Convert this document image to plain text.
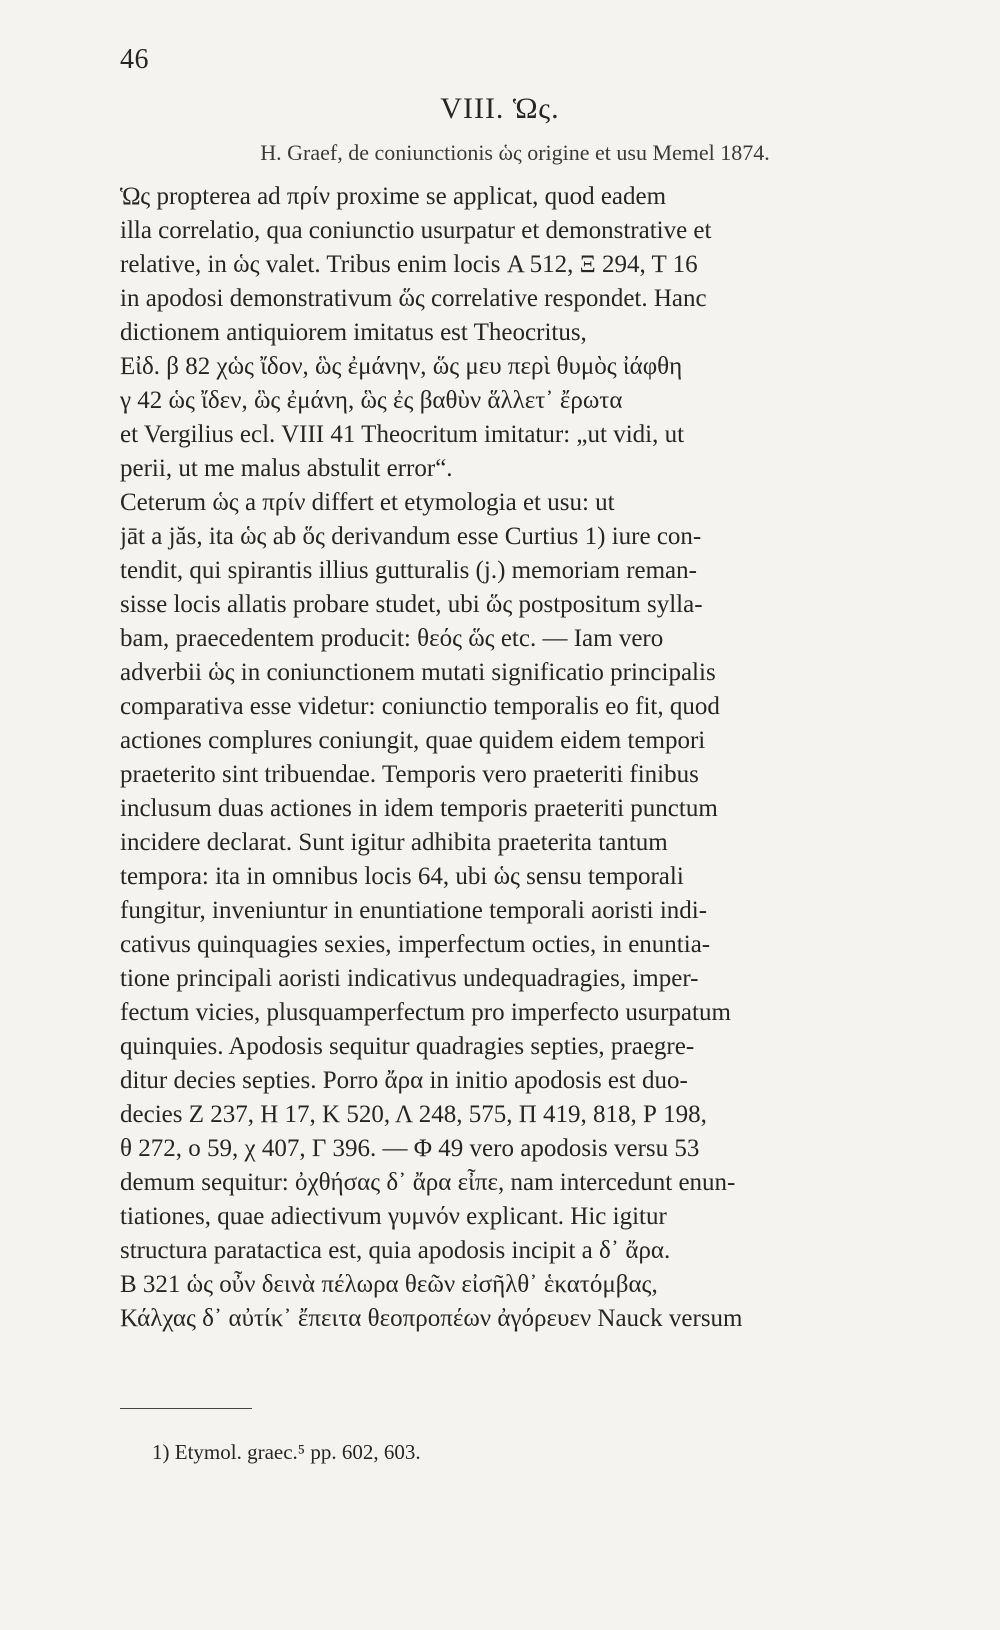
46
VIII. Ὡς.
H. Graef, de coniunctionis ὡς origine et usu Memel 1874.
Ὡς propterea ad πρίν proxime se applicat, quod eadem
illa correlatio, qua coniunctio usurpatur et demonstrative et
relative, in ὡς valet. Tribus enim locis Α 512, Ξ 294, Τ 16
in apodosi demonstrativum ὥς correlative respondet. Hanc
dictionem antiquiorem imitatus est Theocritus,
Εἰδ. β 82 χὡς ἴδον, ὣς ἐμάνην, ὥς μευ περὶ θυμὸς ἰάφθη
γ 42 ὡς ἴδεν, ὣς ἐμάνη, ὣς ἐς βαθὺν ἅλλετ᾽ ἔρωτα
et Vergilius ecl. VIII 41 Theocritum imitatur: „ut vidi, ut
perii, ut me malus abstulit error“.
Ceterum ὡς a πρίν differt et etymologia et usu: ut
jāt a jăs, ita ὡς ab ὅς derivandum esse Curtius 1) iure con-
tendit, qui spirantis illius gutturalis (j.) memoriam reman-
sisse locis allatis probare studet, ubi ὥς postpositum sylla-
bam, praecedentem producit: θεός ὥς etc. — Iam vero
adverbii ὡς in coniunctionem mutati significatio principalis
comparativa esse videtur: coniunctio temporalis eo fit, quod
actiones complures coniungit, quae quidem eidem tempori
praeterito sint tribuendae. Temporis vero praeteriti finibus
inclusum duas actiones in idem temporis praeteriti punctum
incidere declarat. Sunt igitur adhibita praeterita tantum
tempora: ita in omnibus locis 64, ubi ὡς sensu temporali
fungitur, inveniuntur in enuntiatione temporali aoristi indi-
cativus quinquagies sexies, imperfectum octies, in enuntia-
tione principali aoristi indicativus undequadragies, imper-
fectum vicies, plusquamperfectum pro imperfecto usurpatum
quinquies. Apodosis sequitur quadragies septies, praegre-
ditur decies septies. Porro ἄρα in initio apodosis est duo-
decies Ζ 237, Η 17, Κ 520, Λ 248, 575, Π 419, 818, Ρ 198,
θ 272, ο 59, χ 407, Γ 396. — Φ 49 vero apodosis versu 53
demum sequitur: ὀχθήσας δ᾽ ἄρα εἶπε, nam intercedunt enun-
tiationes, quae adiectivum γυμνόν explicant. Hic igitur
structura paratactica est, quia apodosis incipit a δ᾽ ἄρα.
Β 321 ὡς οὖν δεινὰ πέλωρα θεῶν εἰσῆλθ᾽ ἑκατόμβας,
Κάλχας δ᾽ αὐτίκ᾽ ἔπειτα θεοπροπέων ἀγόρευεν Nauck versum
1) Etymol. graec.⁵ pp. 602, 603.
